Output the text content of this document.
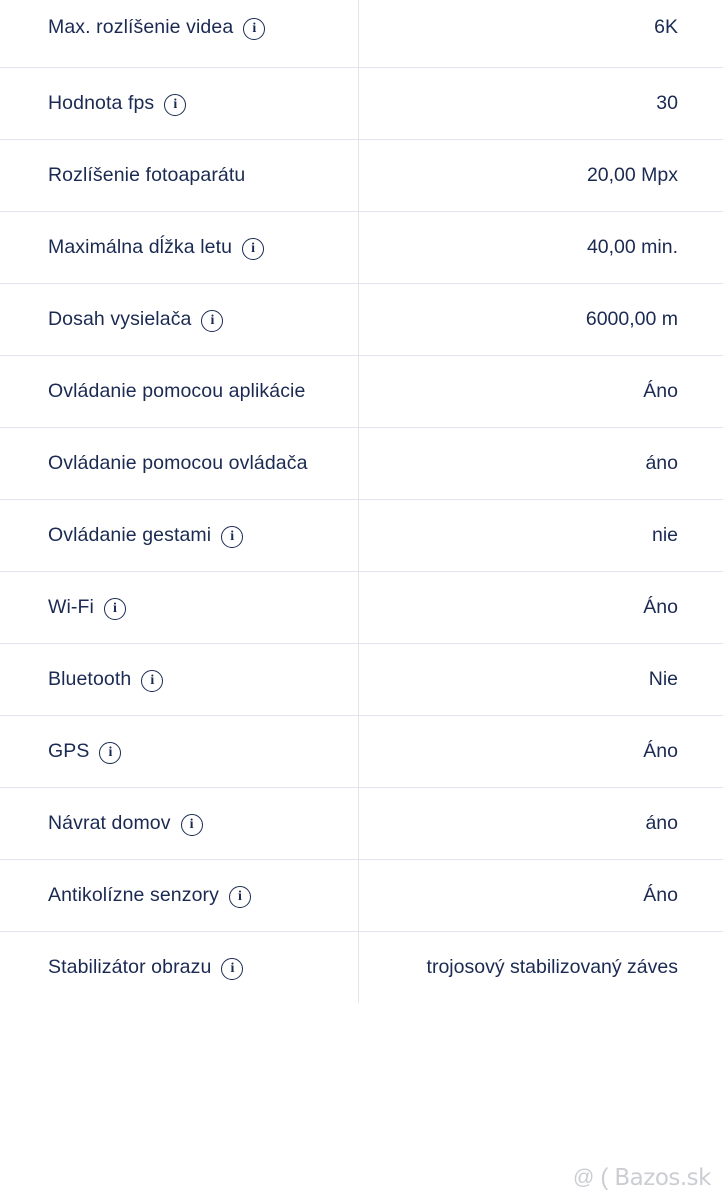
Max. rozlíšenie videa i	6K

Hodnota fps i	30

Rozlíšenie fotoaparátu	20,00 Mpx

Maximálna dĺžka letu i	40,00 min.

Dosah vysielača i	6000,00 m

Ovládanie pomocou aplikácie	Áno

Ovládanie pomocou ovládača	áno

Ovládanie gestami i	nie

Wi-Fi i	Áno

Bluetooth i	Nie

GPS i	Áno

Návrat domov i	áno

Antikolízne senzory i	Áno

Stabilizátor obrazu i	trojosový stabilizovaný záves
@ ( Bazos.sk
